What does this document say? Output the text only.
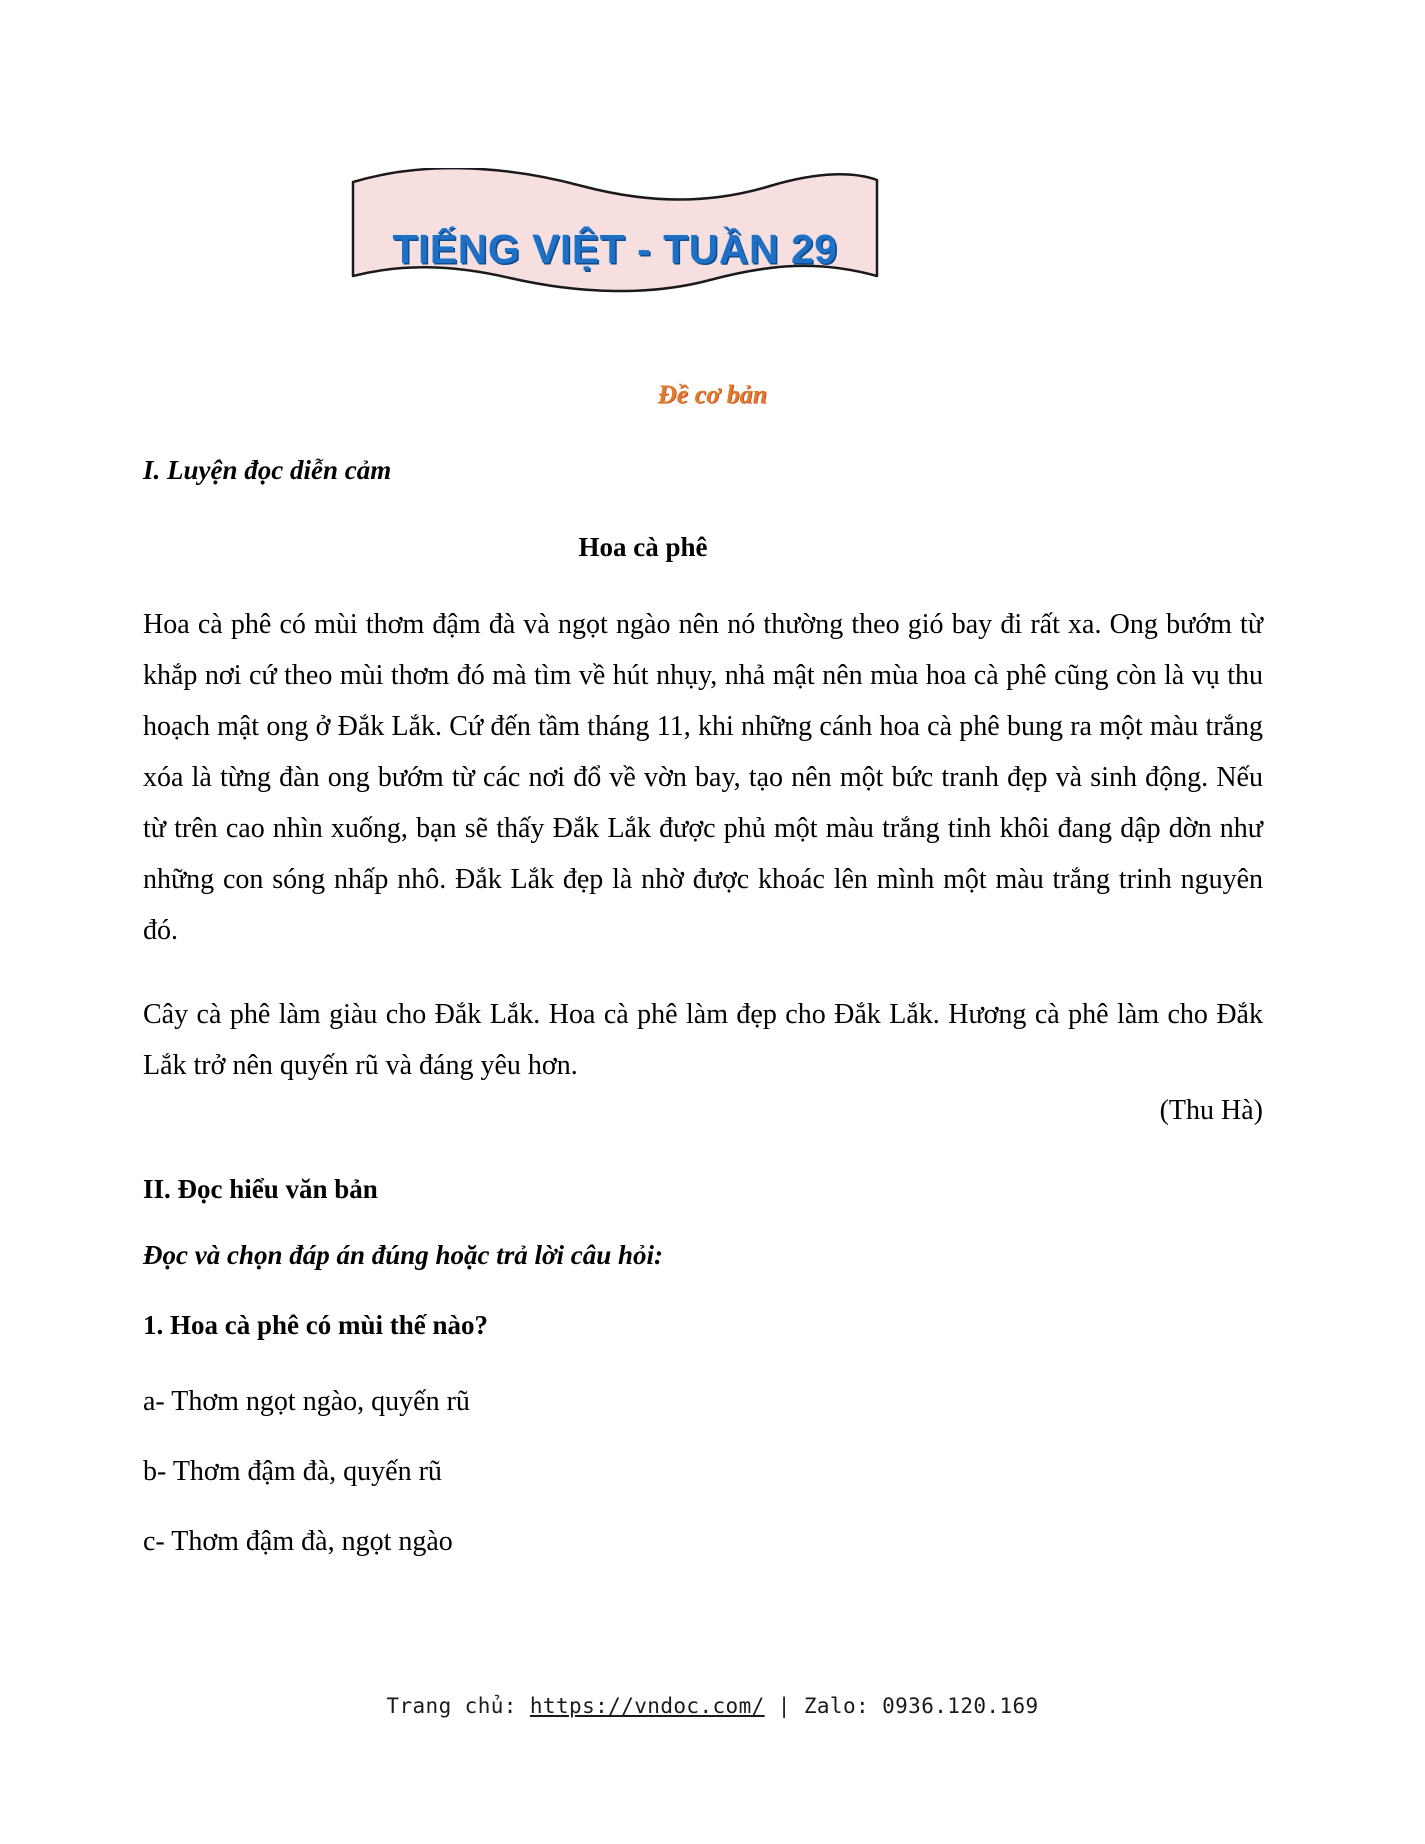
TIẾNG VIỆT - TUẦN 29
Đề cơ bản
I. Luyện đọc diễn cảm
Hoa cà phê
Hoa cà phê có mùi thơm đậm đà và ngọt ngào nên nó thường theo gió bay đi rất xa. Ong bướm từ khắp nơi cứ theo mùi thơm đó mà tìm về hút nhụy, nhả mật nên mùa hoa cà phê cũng còn là vụ thu hoạch mật ong ở Đắk Lắk. Cứ đến tầm tháng 11, khi những cánh hoa cà phê bung ra một màu trắng xóa là từng đàn ong bướm từ các nơi đổ về vờn bay, tạo nên một bức tranh đẹp và sinh động. Nếu từ trên cao nhìn xuống, bạn sẽ thấy Đắk Lắk được phủ một màu trắng tinh khôi đang dập dờn như những con sóng nhấp nhô. Đắk Lắk đẹp là nhờ được khoác lên mình một màu trắng trinh nguyên đó.
Cây cà phê làm giàu cho Đắk Lắk. Hoa cà phê làm đẹp cho Đắk Lắk. Hương cà phê làm cho Đắk Lắk trở nên quyến rũ và đáng yêu hơn.
(Thu Hà)
II. Đọc hiểu văn bản
Đọc và chọn đáp án đúng hoặc trả lời câu hỏi:
1. Hoa cà phê có mùi thế nào?
a- Thơm ngọt ngào, quyến rũ
b- Thơm đậm đà, quyến rũ
c- Thơm đậm đà, ngọt ngào
Trang chủ: https://vndoc.com/ | Zalo: 0936.120.169
